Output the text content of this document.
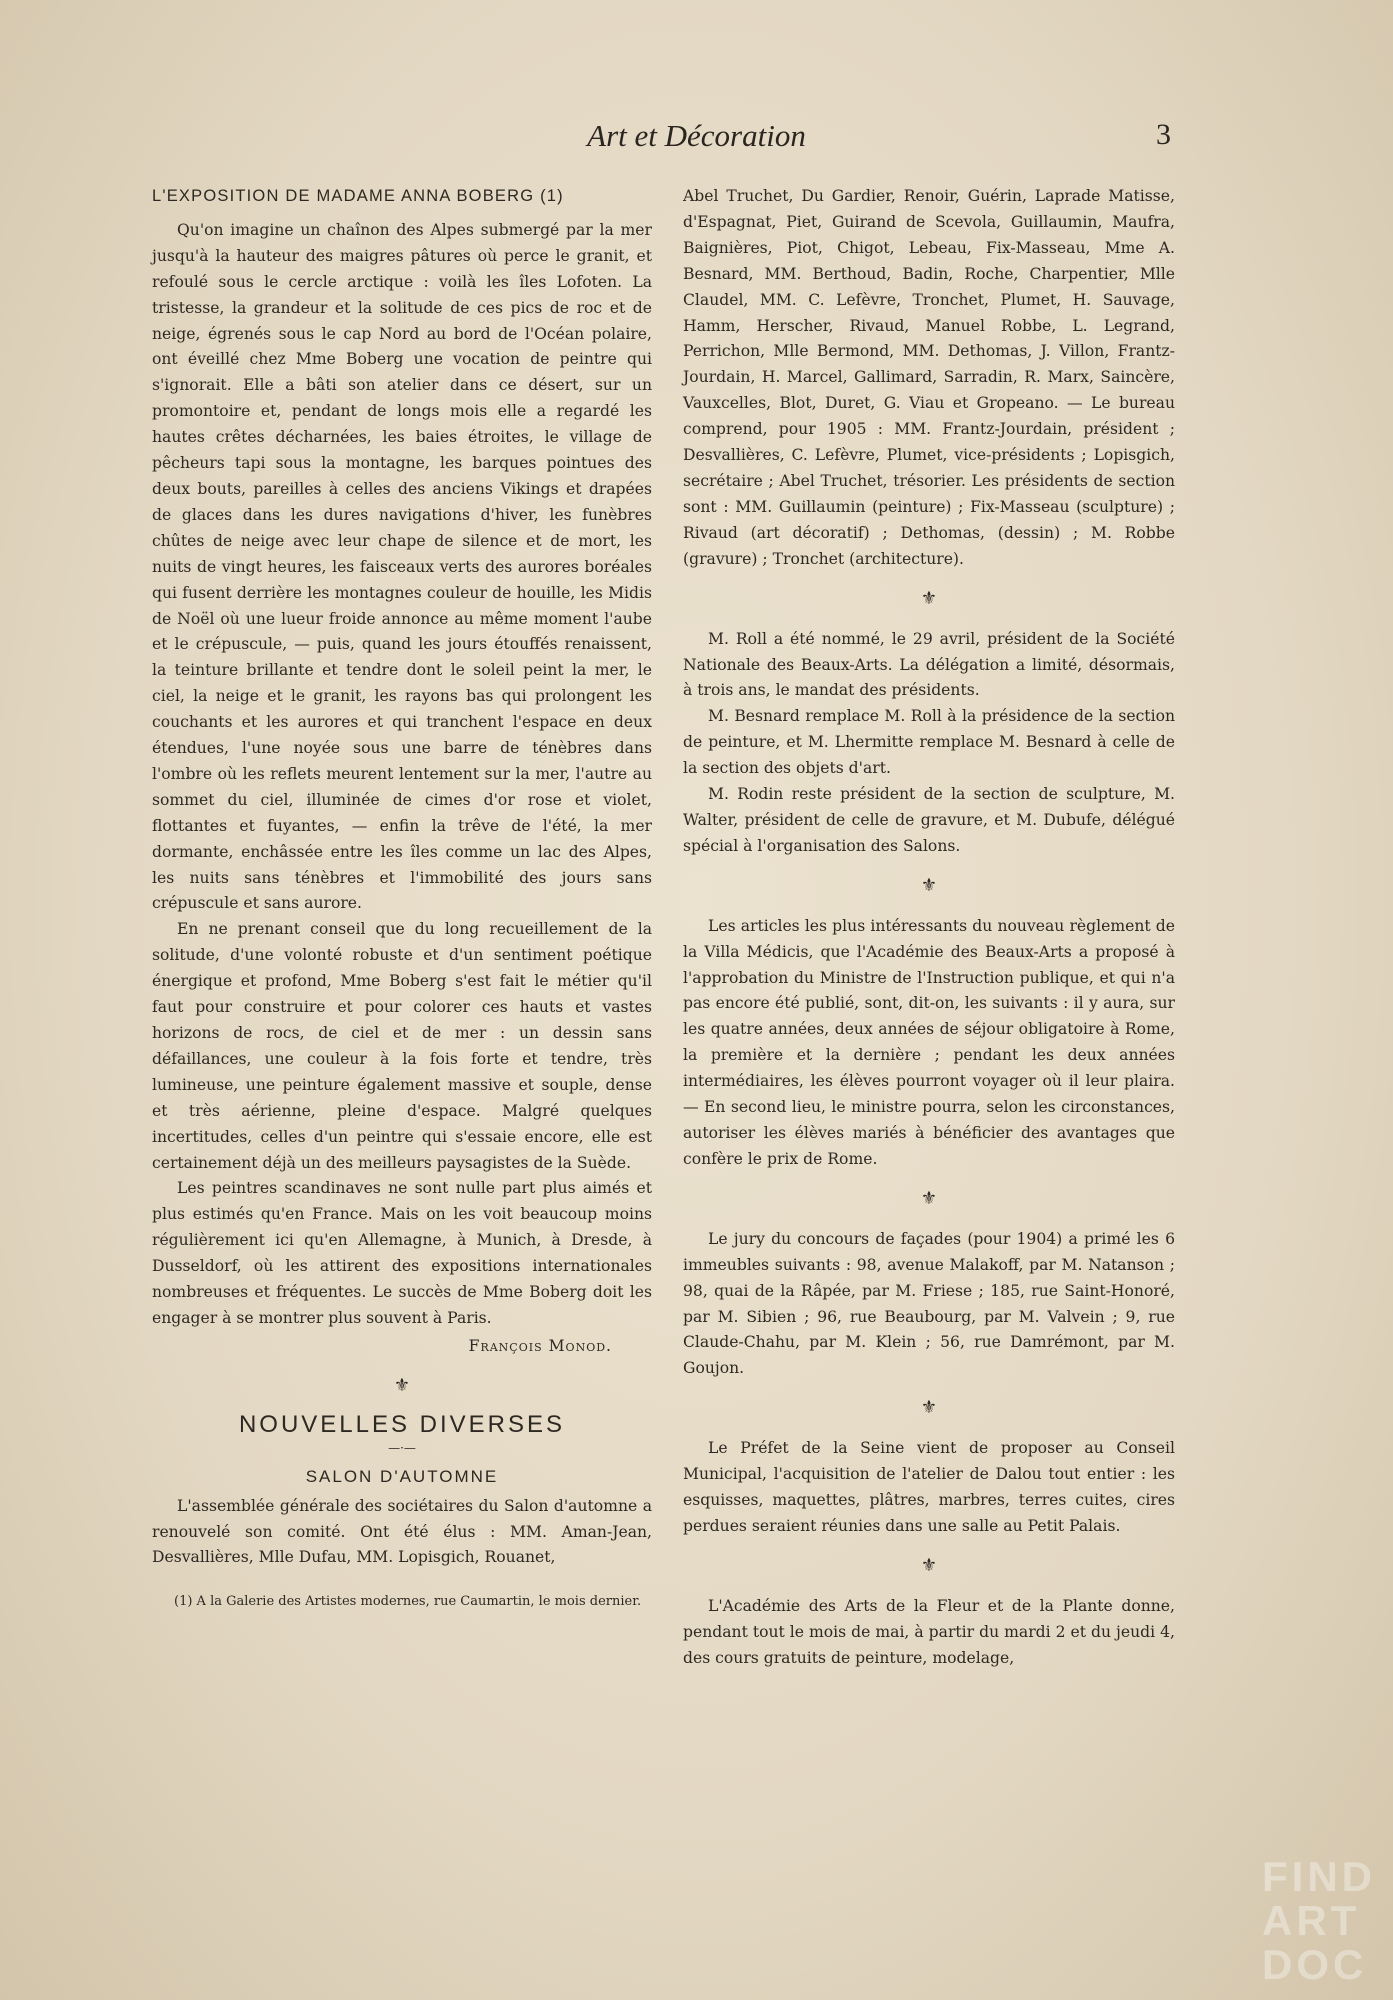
Art et Décoration	3

L'EXPOSITION DE MADAME ANNA BOBERG (1)

Qu'on imagine un chaînon des Alpes submergé par la mer jusqu'à la hauteur des maigres pâtures où perce le granit, et refoulé sous le cercle arctique : voilà les îles Lofoten. La tristesse, la grandeur et la solitude de ces pics de roc et de neige, égrenés sous le cap Nord au bord de l'Océan polaire, ont éveillé chez Mme Boberg une vocation de peintre qui s'ignorait. Elle a bâti son atelier dans ce désert, sur un promontoire et, pendant de longs mois elle a regardé les hautes crêtes décharnées, les baies étroites, le village de pêcheurs tapi sous la montagne, les barques pointues des deux bouts, pareilles à celles des anciens Vikings et drapées de glaces dans les dures navigations d'hiver, les funèbres chûtes de neige avec leur chape de silence et de mort, les nuits de vingt heures, les faisceaux verts des aurores boréales qui fusent derrière les montagnes couleur de houille, les Midis de Noël où une lueur froide annonce au même moment l'aube et le crépuscule, — puis, quand les jours étouffés renaissent, la teinture brillante et tendre dont le soleil peint la mer, le ciel, la neige et le granit, les rayons bas qui prolongent les couchants et les aurores et qui tranchent l'espace en deux étendues, l'une noyée sous une barre de ténèbres dans l'ombre où les reflets meurent lentement sur la mer, l'autre au sommet du ciel, illuminée de cimes d'or rose et violet, flottantes et fuyantes, — enfin la trêve de l'été, la mer dormante, enchâssée entre les îles comme un lac des Alpes, les nuits sans ténèbres et l'immobilité des jours sans crépuscule et sans aurore.

En ne prenant conseil que du long recueillement de la solitude, d'une volonté robuste et d'un sentiment poétique énergique et profond, Mme Boberg s'est fait le métier qu'il faut pour construire et pour colorer ces hauts et vastes horizons de rocs, de ciel et de mer : un dessin sans défaillances, une couleur à la fois forte et tendre, très lumineuse, une peinture également massive et souple, dense et très aérienne, pleine d'espace. Malgré quelques incertitudes, celles d'un peintre qui s'essaie encore, elle est certainement déjà un des meilleurs paysagistes de la Suède.

Les peintres scandinaves ne sont nulle part plus aimés et plus estimés qu'en France. Mais on les voit beaucoup moins régulièrement ici qu'en Allemagne, à Munich, à Dresde, à Dusseldorf, où les attirent des expositions internationales nombreuses et fréquentes. Le succès de Mme Boberg doit les engager à se montrer plus souvent à Paris.

François Monod.

⚜

NOUVELLES DIVERSES

—·—

SALON D'AUTOMNE

L'assemblée générale des sociétaires du Salon d'automne a renouvelé son comité. Ont été élus : MM. Aman-Jean, Desvallières, Mlle Dufau, MM. Lopisgich, Rouanet,

(1) A la Galerie des Artistes modernes, rue Caumartin, le mois dernier.

Abel Truchet, Du Gardier, Renoir, Guérin, Laprade Matisse, d'Espagnat, Piet, Guirand de Scevola, Guillaumin, Maufra, Baignières, Piot, Chigot, Lebeau, Fix-Masseau, Mme A. Besnard, MM. Berthoud, Badin, Roche, Charpentier, Mlle Claudel, MM. C. Lefèvre, Tronchet, Plumet, H. Sauvage, Hamm, Herscher, Rivaud, Manuel Robbe, L. Legrand, Perrichon, Mlle Bermond, MM. Dethomas, J. Villon, Frantz-Jourdain, H. Marcel, Gallimard, Sarradin, R. Marx, Saincère, Vauxcelles, Blot, Duret, G. Viau et Gropeano. — Le bureau comprend, pour 1905 : MM. Frantz-Jourdain, président ; Desvallières, C. Lefèvre, Plumet, vice-présidents ; Lopisgich, secrétaire ; Abel Truchet, trésorier. Les présidents de section sont : MM. Guillaumin (peinture) ; Fix-Masseau (sculpture) ; Rivaud (art décoratif) ; Dethomas, (dessin) ; M. Robbe (gravure) ; Tronchet (architecture).

⚜

M. Roll a été nommé, le 29 avril, président de la Société Nationale des Beaux-Arts. La délégation a limité, désormais, à trois ans, le mandat des présidents.

M. Besnard remplace M. Roll à la présidence de la section de peinture, et M. Lhermitte remplace M. Besnard à celle de la section des objets d'art.

M. Rodin reste président de la section de sculpture, M. Walter, président de celle de gravure, et M. Dubufe, délégué spécial à l'organisation des Salons.

⚜

Les articles les plus intéressants du nouveau règlement de la Villa Médicis, que l'Académie des Beaux-Arts a proposé à l'approbation du Ministre de l'Instruction publique, et qui n'a pas encore été publié, sont, dit-on, les suivants : il y aura, sur les quatre années, deux années de séjour obligatoire à Rome, la première et la dernière ; pendant les deux années intermédiaires, les élèves pourront voyager où il leur plaira. — En second lieu, le ministre pourra, selon les circonstances, autoriser les élèves mariés à bénéficier des avantages que confère le prix de Rome.

⚜

Le jury du concours de façades (pour 1904) a primé les 6 immeubles suivants : 98, avenue Malakoff, par M. Natanson ; 98, quai de la Râpée, par M. Friese ; 185, rue Saint-Honoré, par M. Sibien ; 96, rue Beaubourg, par M. Valvein ; 9, rue Claude-Chahu, par M. Klein ; 56, rue Damrémont, par M. Goujon.

⚜

Le Préfet de la Seine vient de proposer au Conseil Municipal, l'acquisition de l'atelier de Dalou tout entier : les esquisses, maquettes, plâtres, marbres, terres cuites, cires perdues seraient réunies dans une salle au Petit Palais.

⚜

L'Académie des Arts de la Fleur et de la Plante donne, pendant tout le mois de mai, à partir du mardi 2 et du jeudi 4, des cours gratuits de peinture, modelage,

FIND
ART
DOC
